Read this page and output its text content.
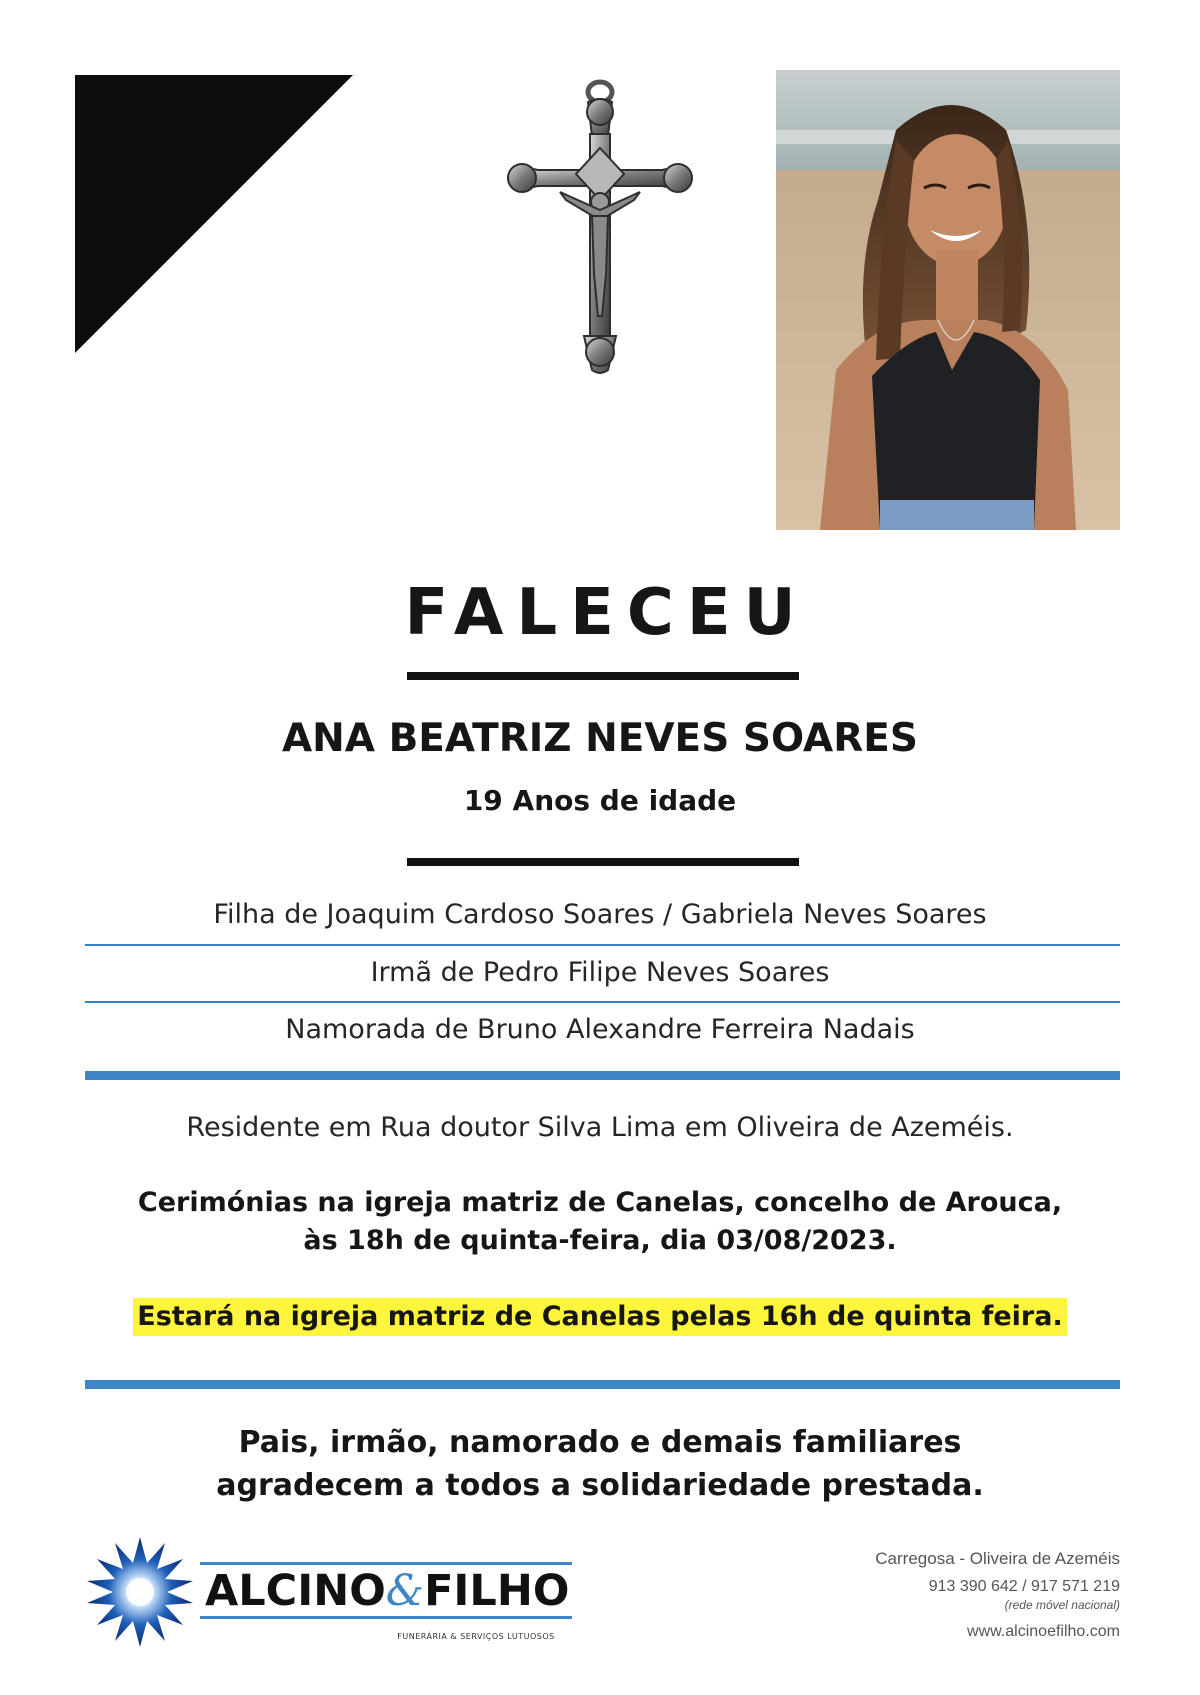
FALECEU
ANA BEATRIZ NEVES SOARES
19 Anos de idade
Filha de Joaquim Cardoso Soares / Gabriela Neves Soares
Irmã de Pedro Filipe Neves Soares
Namorada de Bruno Alexandre Ferreira Nadais
Residente em Rua doutor Silva Lima em Oliveira de Azeméis.
Cerimónias na igreja matriz de Canelas, concelho de Arouca,
às 18h de quinta-feira, dia 03/08/2023.
Estará na igreja matriz de Canelas pelas 16h de quinta feira.
Pais, irmão, namorado e demais familiares
agradecem a todos a solidariedade prestada.
ALCINO&FILHO
FUNERÁRIA & SERVIÇOS LUTUOSOS
Carregosa - Oliveira de Azeméis
913 390 642 / 917 571 219
(rede móvel nacional)
www.alcinoefilho.com
